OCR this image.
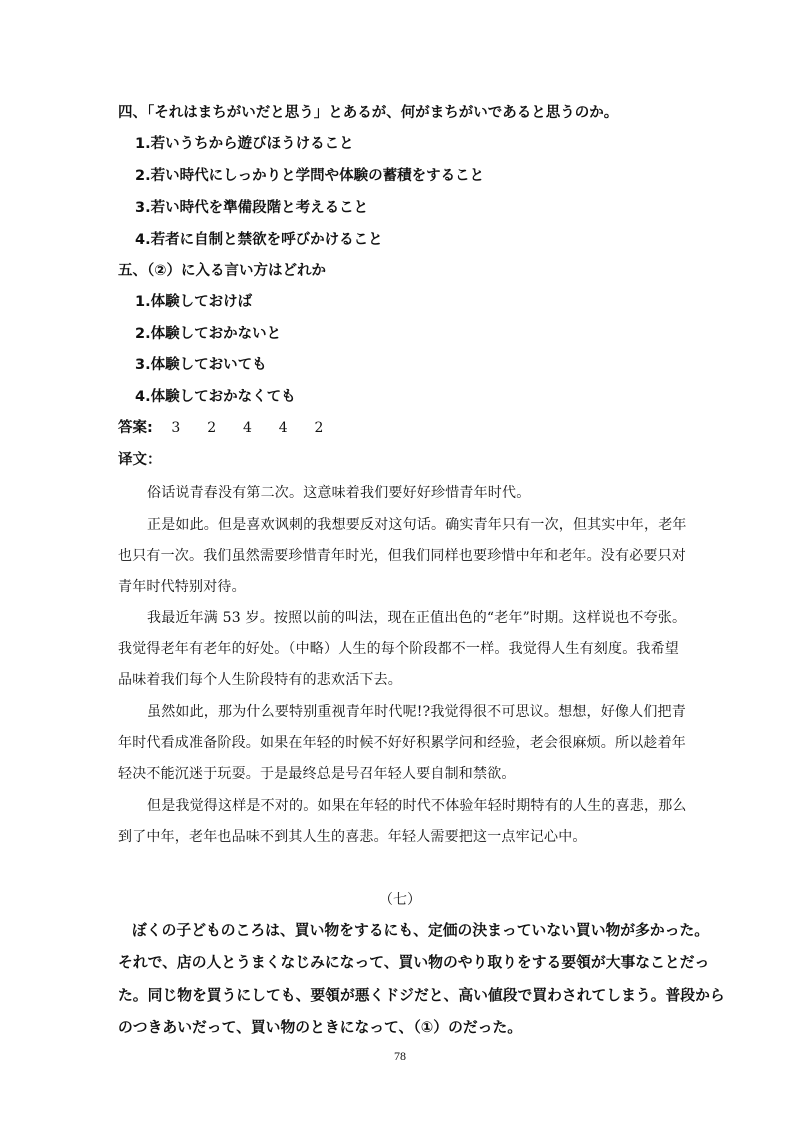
四、「それはまちがいだと思う」とあるが、何がまちがいであると思うのか。
1.若いうちから遊びほうけること
2.若い時代にしっかりと学問や体験の蓄積をすること
3.若い時代を準備段階と考えること
4.若者に自制と禁欲を呼びかけること
五、（②）に入る言い方はどれか
1.体験しておけば
2.体験しておかないと
3.体験しておいても
4.体験しておかなくても
答案: 3 2 4 4 2
译文：
俗话说青春没有第二次。这意味着我们要好好珍惜青年时代。
正是如此。但是喜欢讽刺的我想要反对这句话。确实青年只有一次，但其实中年，老年
也只有一次。我们虽然需要珍惜青年时光，但我们同样也要珍惜中年和老年。没有必要只对
青年时代特别对待。
我最近年满 53 岁。按照以前的叫法，现在正值出色的“老年”时期。这样说也不夸张。
我觉得老年有老年的好处。（中略）人生的每个阶段都不一样。我觉得人生有刻度。我希望
品味着我们每个人生阶段特有的悲欢活下去。
虽然如此，那为什么要特别重视青年时代呢!?我觉得很不可思议。想想，好像人们把青
年时代看成准备阶段。如果在年轻的时候不好好积累学问和经验，老会很麻烦。所以趁着年
轻决不能沉迷于玩耍。于是最终总是号召年轻人要自制和禁欲。
但是我觉得这样是不对的。如果在年轻的时代不体验年轻时期特有的人生的喜悲，那么
到了中年，老年也品味不到其人生的喜悲。年轻人需要把这一点牢记心中。
（七）
ぼくの子どものころは、買い物をするにも、定価の決まっていない買い物が多かった。
それで、店の人とうまくなじみになって、買い物のやり取りをする要領が大事なことだっ
た。同じ物を買うにしても、要領が悪くドジだと、高い値段で買わされてしまう。普段から
のつきあいだって、買い物のときになって、（①）のだった。
78
